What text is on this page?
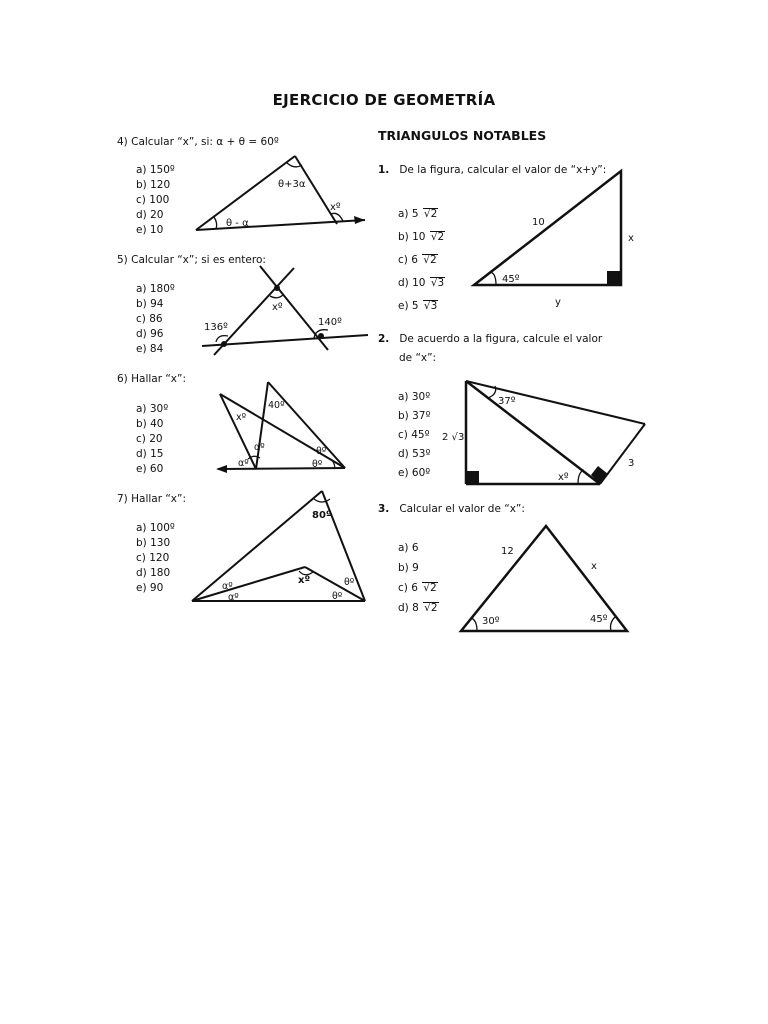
EJERCICIO DE GEOMETRÍA
4) Calcular “x”, si: α + θ = 60º
a) 150º
b) 120
c) 100
d) 20
e) 10
θ+3α
θ - α
xº
5) Calcular “x”; si es entero:
a) 180º
b) 94
c) 86
d) 96
e) 84
136º
xº
140º
6) Hallar “x”:
a) 30º
b) 40
c) 20
d) 15
e) 60
xº
40º
αº
αº
θº
θº
7) Hallar “x”:
a) 100º
b) 130
c) 120
d) 180
e) 90
80º
xº
αº
αº
θº
θº
TRIANGULOS NOTABLES
1. De la figura, calcular el valor de “x+y”:
a) 5 √2
b) 10 √2
c) 6 √2
d) 10 √3
e) 5 √3
10
x
y
45º
2. De acuerdo a la figura, calcule el valor
de “x”:
a) 30º
b) 37º
c) 45º
d) 53º
e) 60º
37º
2 √3
3
xº
3. Calcular el valor de “x”:
a) 6
b) 9
c) 6 √2
d) 8 √2
12
x
30º	45º
